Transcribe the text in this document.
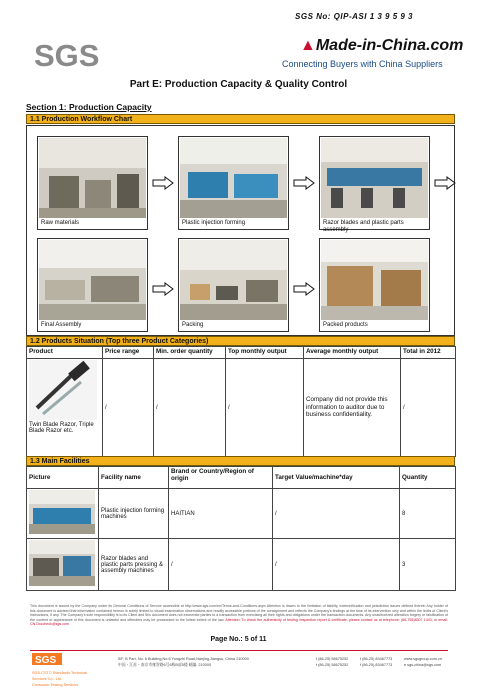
SGS No: QIP-ASI 1 3 9 5 9 3
SGS	▲Made-in-China.com
Connecting Buyers with China Suppliers
Part E: Production Capacity & Quality Control
Section 1: Production Capacity
1.1 Production Workflow Chart
Raw materials	Plastic injection forming	Razor blades and plastic parts assembly
Final Assembly	Packing	Packed products
1.2 Products Situation (Top three Product Categories)
Product	Price range	Min. order quantity	Top monthly output	Average monthly output	Total in 2012

Twin Blade Razor, Triple Blade Razor etc.	/	/	/	Company did not provide this information to auditor due to business confidentiality.	/
1.3 Main Facilities
Picture	Facility name	Brand or Country/Region of origin	Target Value/machine*day	Quantity
	Plastic injection forming machines	HAITIAN	/	8
	Razor blades and plastic parts pressing & assembly machines	/	/	3
This document is issued by the Company under its General Conditions of Service accessible at http://www.sgs.com/en/Terms-and-Conditions.aspx Attention is drawn to the limitation of liability, indemnification and jurisdiction issues defined therein Any holder of this document is advised that information contained hereon is solely limited to visual examination observations and readily accessible portions of the consignment and reflects the Company's findings at the time of its intervention only and within the limits of Client's instructions, if any. The Company's sole responsibility is to its Client and this document does not exonerate parties to a transaction from exercising all their rights and obligations under the transaction documents. Any unauthorized alteration forgery or falsification of the content or appearance of this document is unlawful and offenders may be prosecuted to the fullest extent of the law. Attention: To check the authenticity of testing /inspection report & certificate, please contact us at telephone: (86-755)8307 1443, or email: CN.Doccheck@sgs.com
Page No.: 5 of 11
SGS
SGS-CSTC Standards Technical Services Co., Ltd.
Consumer Testing Services
5/F, B Part, No. 6 Building,No.6 Yongzhi Road,Nanjing,Jiangsu, China 210000
中国・江苏・南京市雍智路6号6栋B部5楼 邮编: 210000
t (86-25) 58675252
t (86-25) 58675252
f (86-25) 83467773
f (86-25) 83467773
www.sgsgroup.com.cn
e sgs.china@sgs.com
